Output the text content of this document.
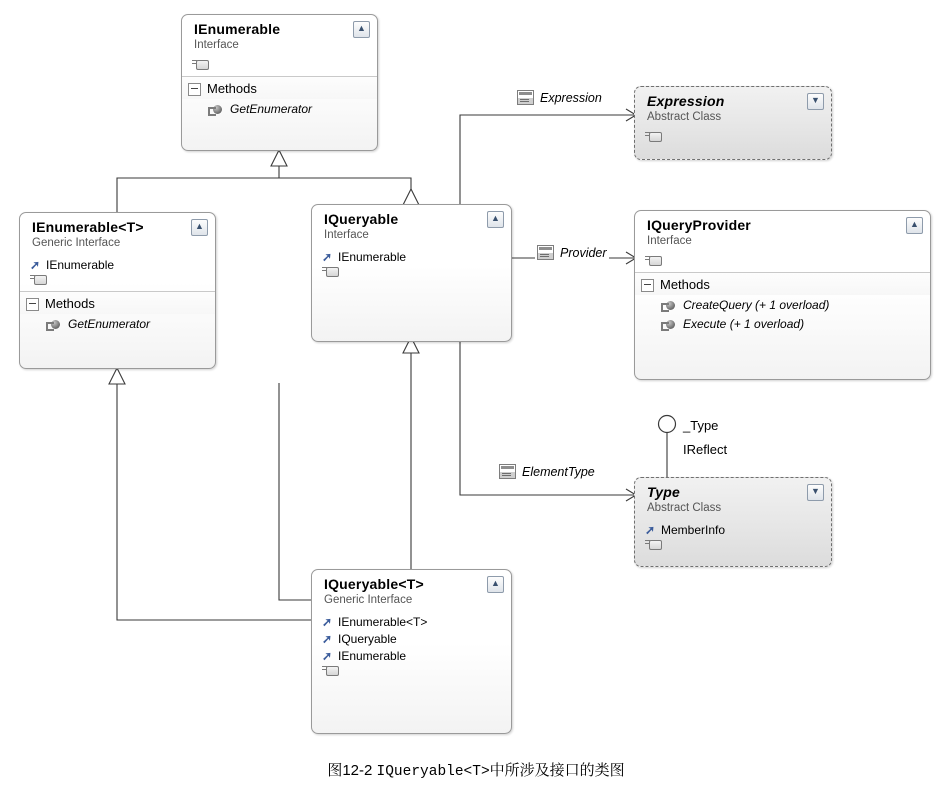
IEnumerable
Interface
▲
Methods
GetEnumerator
IEnumerable<T>
Generic Interface
▲
➚ IEnumerable
Methods
GetEnumerator
IQueryable
Interface
▲
➚ IEnumerable
Expression
Abstract Class
▼
IQueryProvider
Interface
▲
Methods
CreateQuery (+ 1 overload)
Execute (+ 1 overload)
Type
Abstract Class
▼
➚ MemberInfo
IQueryable<T>
Generic Interface
▲
➚ IEnumerable<T>
➚ IQueryable
➚ IEnumerable
Expression
Provider
ElementType
_Type
IReflect
图12-2 IQueryable<T>中所涉及接口的类图
